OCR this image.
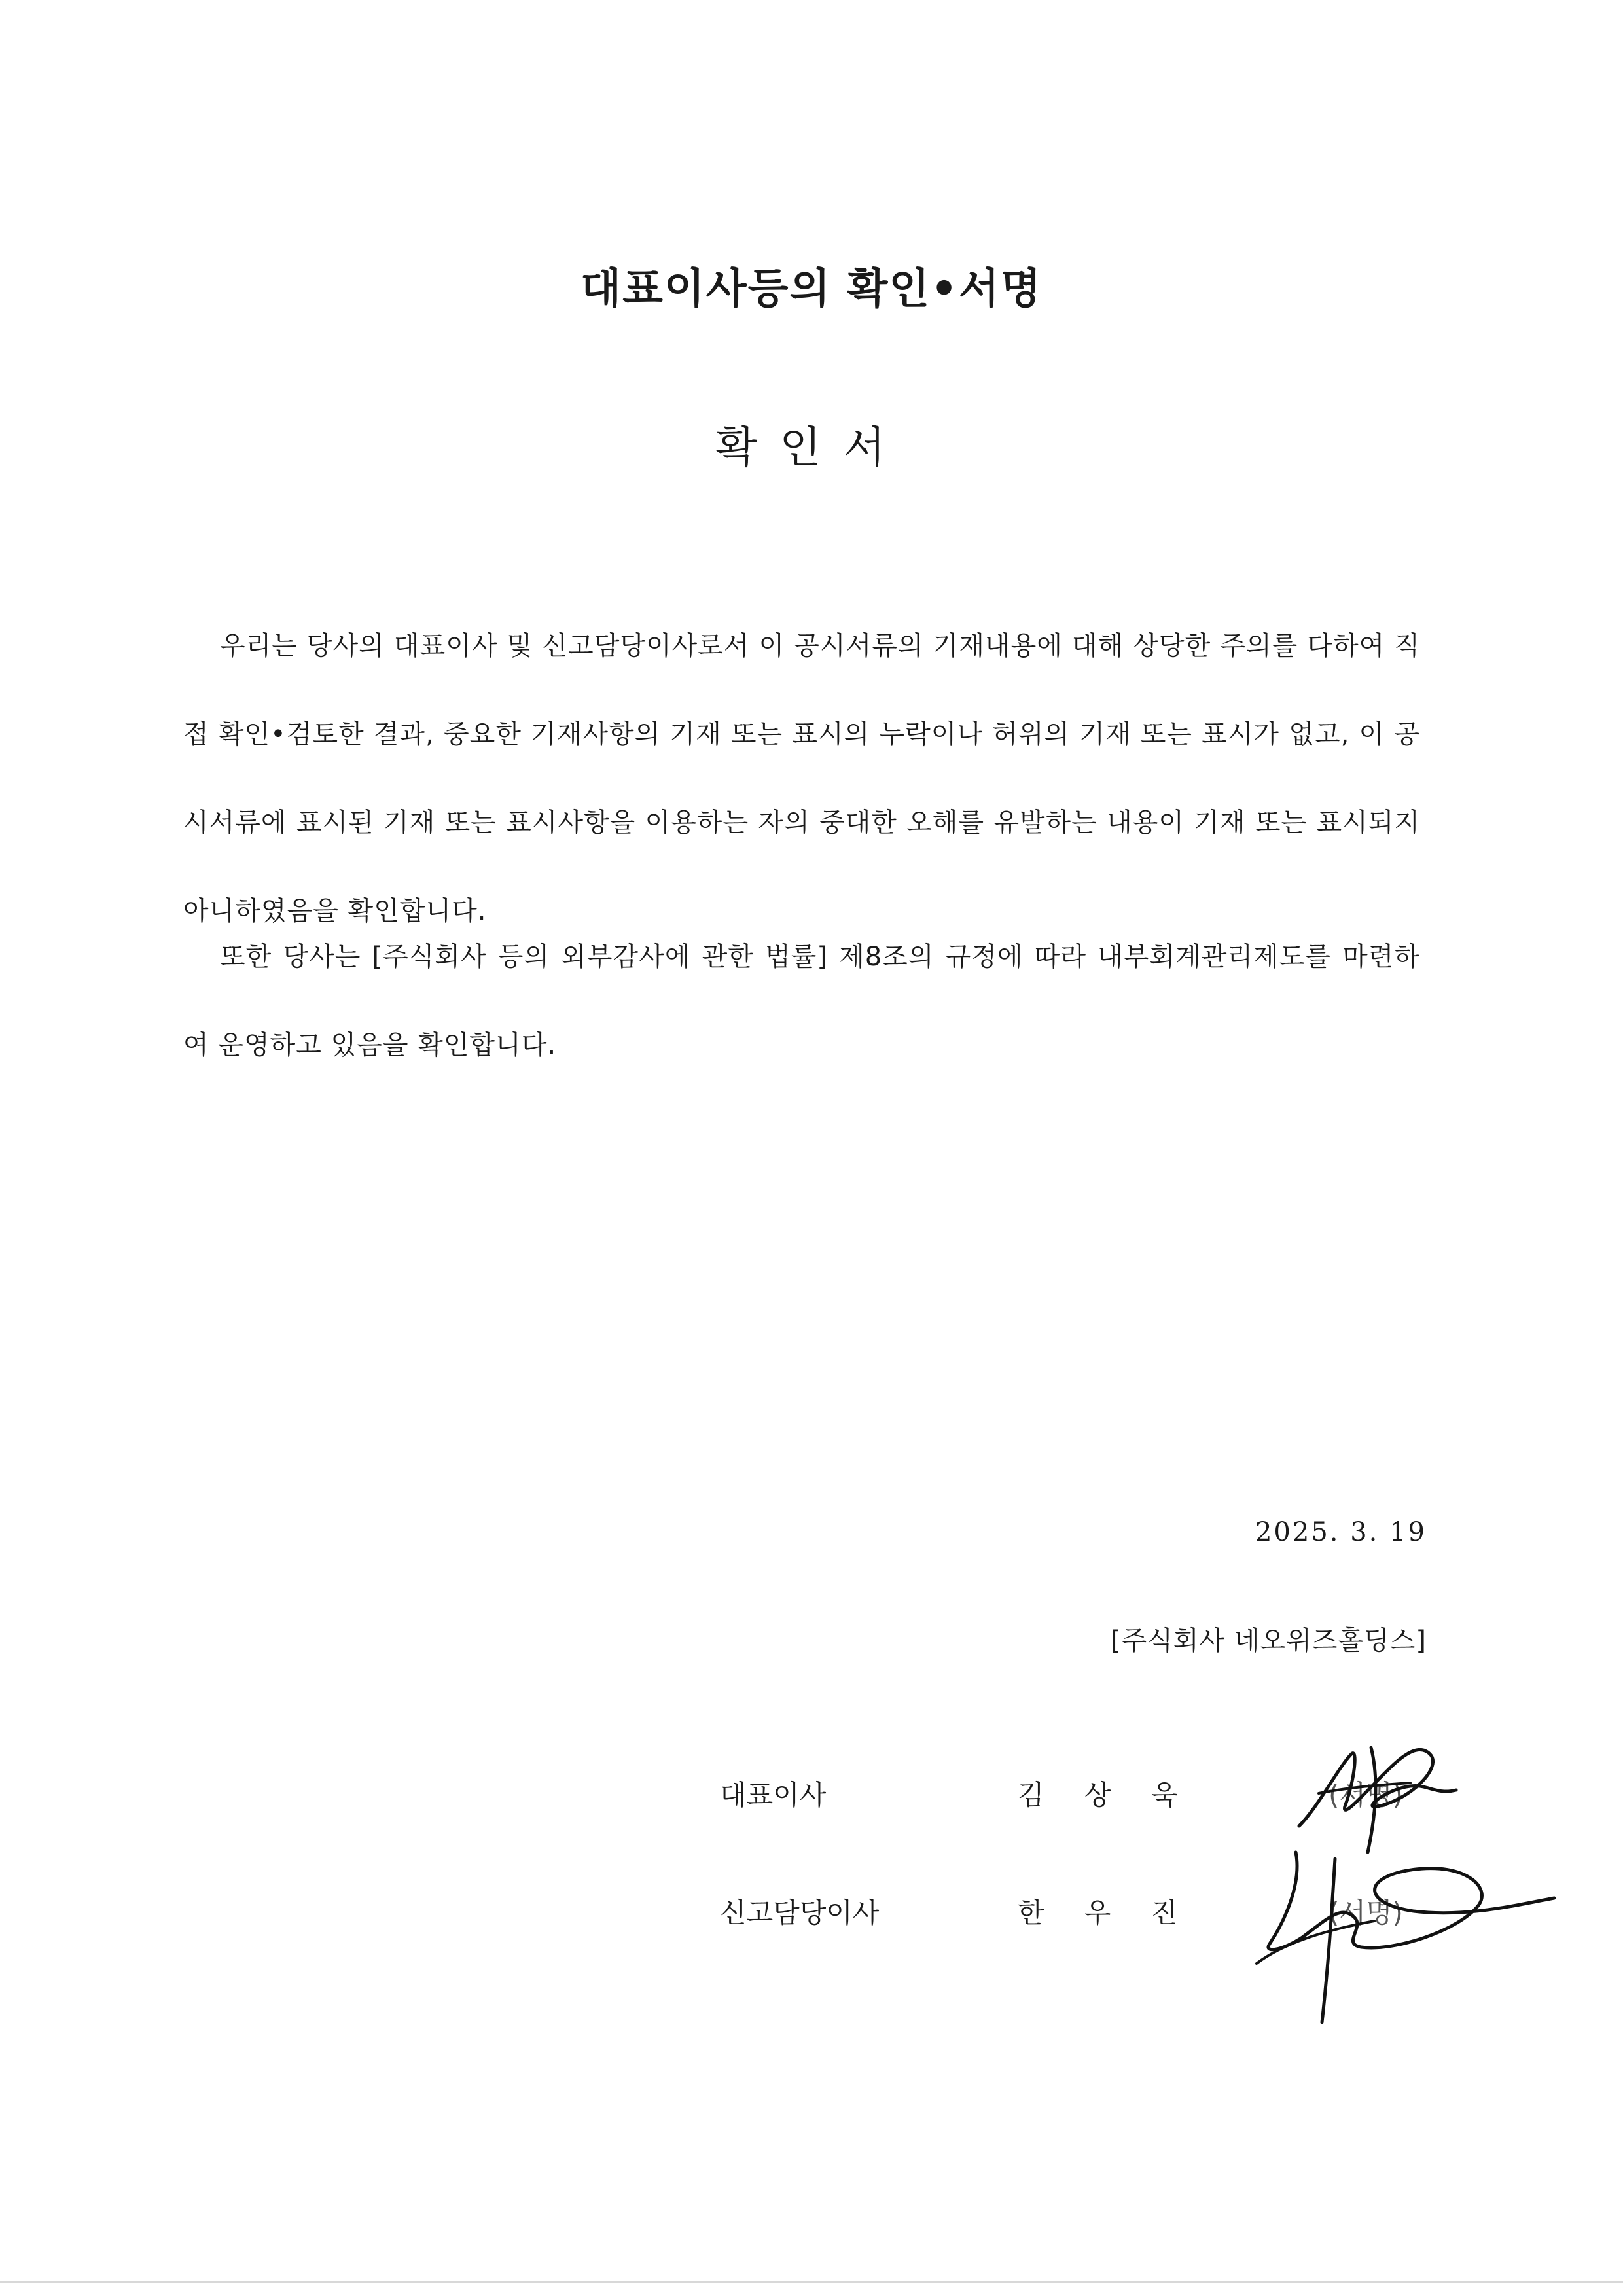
대표이사등의 확인•서명
확인서

우리는 당사의 대표이사 및 신고담당이사로서 이 공시서류의 기재내용에 대해 상당한 주의를 다하여 직접 확인•검토한 결과, 중요한 기재사항의 기재 또는 표시의 누락이나 허위의 기재 또는 표시가 없고, 이 공시서류에 표시된 기재 또는 표시사항을 이용하는 자의 중대한 오해를 유발하는 내용이 기재 또는 표시되지 아니하였음을 확인합니다.

또한 당사는 [주식회사 등의 외부감사에 관한 법률] 제8조의 규정에 따라 내부회계관리제도를 마련하여 운영하고 있음을 확인합니다.

2025. 3. 19
[주식회사 네오위즈홀딩스]
대표이사	김 상 욱	(서명)
신고담당이사	한 우 진	(서명)
